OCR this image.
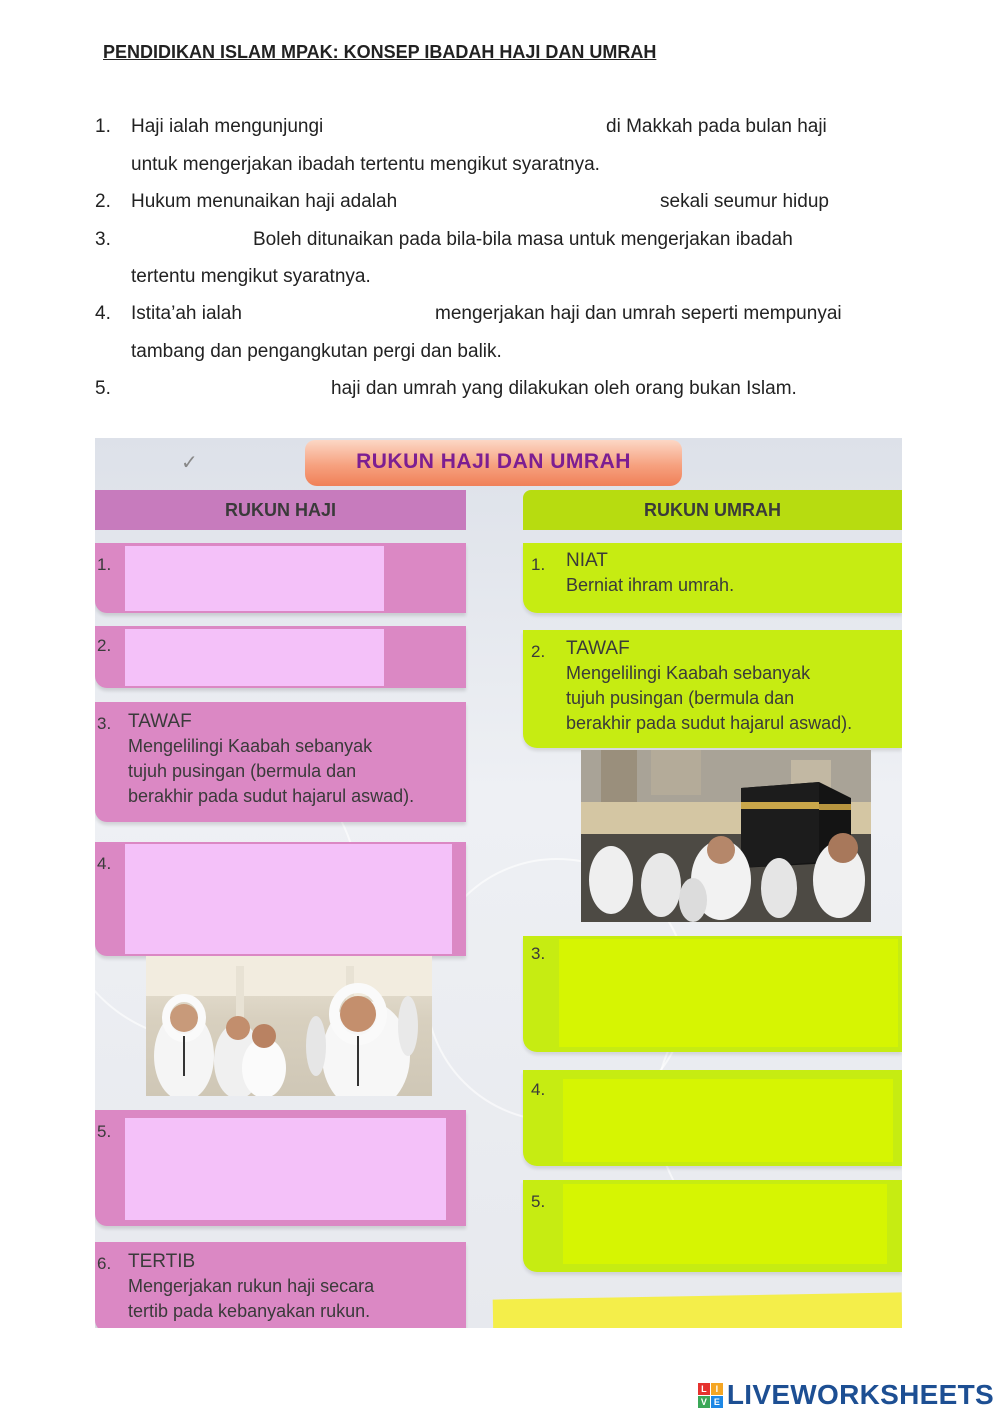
PENDIDIKAN ISLAM MPAK: KONSEP IBADAH HAJI DAN UMRAH
1. Haji ialah mengunjungi	di Makkah pada bulan haji
untuk mengerjakan ibadah tertentu mengikut syaratnya.
2. Hukum menunaikan haji adalah	sekali seumur hidup
3.	Boleh ditunaikan pada bila-bila masa untuk mengerjakan ibadah
tertentu mengikut syaratnya.
4. Istita’ah ialah	mengerjakan haji dan umrah seperti mempunyai
tambang dan pengangkutan pergi dan balik.
5.	haji dan umrah yang dilakukan oleh orang bukan Islam.
✓	RUKUN HAJI DAN UMRAH
RUKUN HAJI	RUKUN UMRAH
1.
2.
3. TAWAF
Mengelilingi Kaabah sebanyak
tujuh pusingan (bermula dan
berakhir pada sudut hajarul aswad).
4.
5.
6. TERTIB
Mengerjakan rukun haji secara
tertib pada kebanyakan rukun.
1. NIAT
Berniat ihram umrah.
2. TAWAF
Mengelilingi Kaabah sebanyak
tujuh pusingan (bermula dan
berakhir pada sudut hajarul aswad).
3.
4.
5.
L I
V E LIVEWORKSHEETS
